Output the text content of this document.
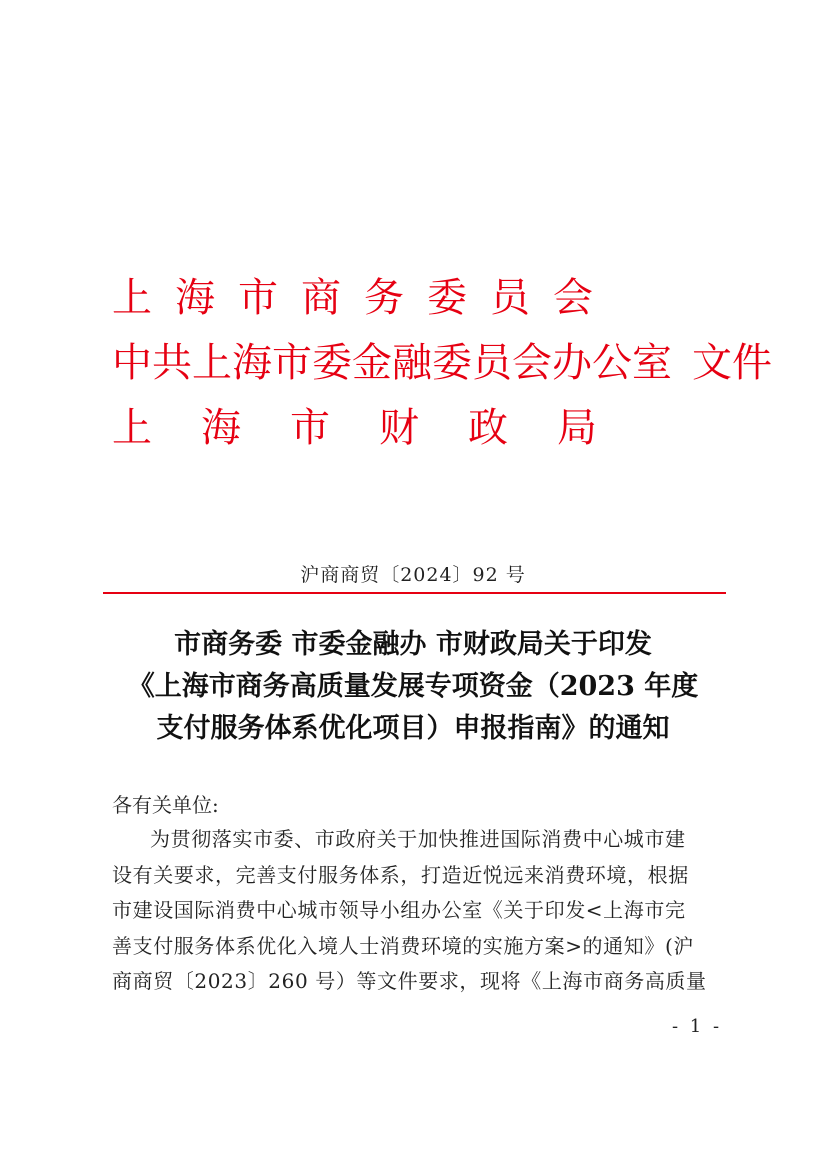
上海市商务委员会
中共上海市委金融委员会办公室 文件
上海市财政局
沪商商贸〔2024〕92 号
市商务委 市委金融办 市财政局关于印发
《上海市商务高质量发展专项资金（2023 年度
支付服务体系优化项目）申报指南》的通知
各有关单位:
为贯彻落实市委、市政府关于加快推进国际消费中心城市建
设有关要求，完善支付服务体系，打造近悦远来消费环境，根据
市建设国际消费中心城市领导小组办公室《关于印发<上海市完
善支付服务体系优化入境人士消费环境的实施方案>的通知》(沪
商商贸〔2023〕260 号）等文件要求，现将《上海市商务高质量
- 1 -
